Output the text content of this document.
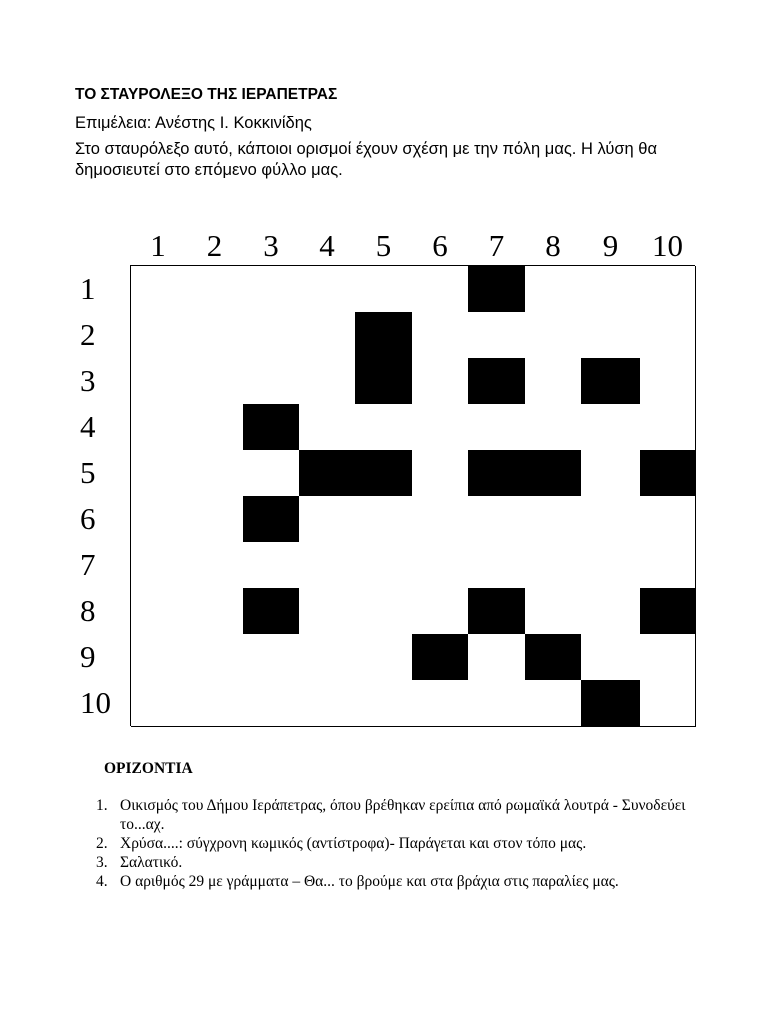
ΤΟ ΣΤΑΥΡΟΛΕΞΟ ΤΗΣ ΙΕΡΑΠΕΤΡΑΣ
Επιμέλεια: Ανέστης Ι. Κοκκινίδης
Στο σταυρόλεξο αυτό, κάποιοι ορισμοί έχουν σχέση με την πόλη μας. Η λύση θα δημοσιευτεί στο επόμενο φύλλο μας.
1	2	3	4	5	6	7	8	9	10
1
2
3
4
5
6
7
8
9
10
ΟΡΙΖΟΝΤΙΑ
1. Οικισμός του Δήμου Ιεράπετρας, όπου βρέθηκαν ερείπια από ρωμαϊκά λουτρά - Συνοδεύει το...αχ.
2. Χρύσα....: σύγχρονη κωμικός (αντίστροφα)- Παράγεται και στον τόπο μας.
3. Σαλατικό.
4. Ο αριθμός 29 με γράμματα – Θα... το βρούμε και στα βράχια στις παραλίες μας.
